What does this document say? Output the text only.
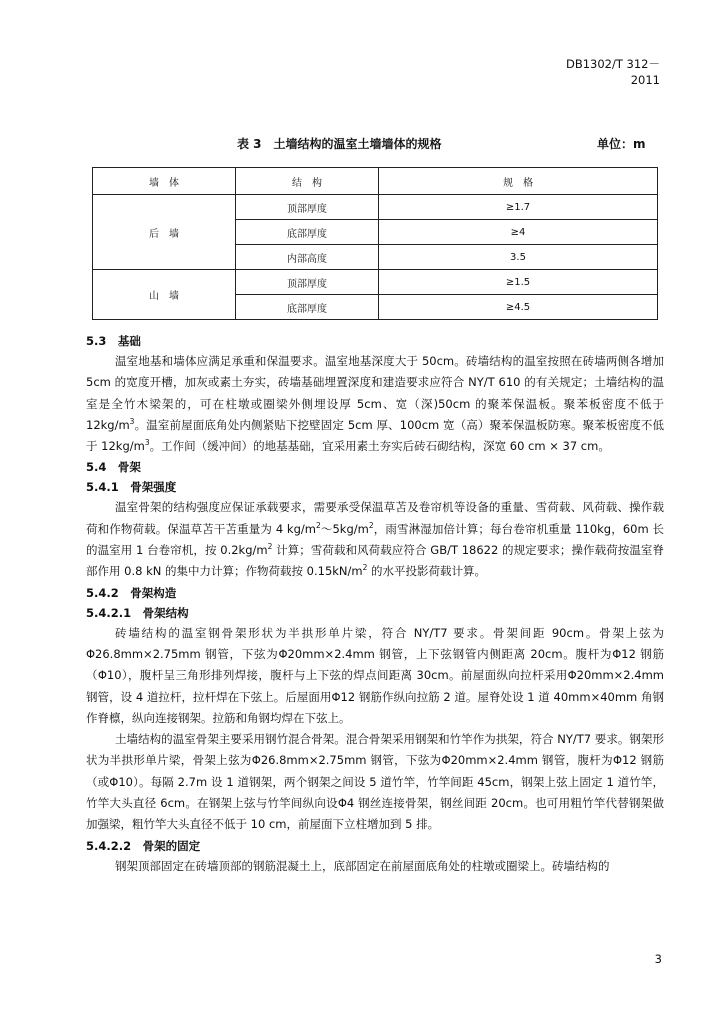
DB1302/T 312－
2011
表 3　土墙结构的温室土墙墙体的规格	单位：m
墙　体	结　构	规　格
后　墙	顶部厚度	≥1.7
	底部厚度	≥4
	内部高度	3.5
山　墙	顶部厚度	≥1.5
	底部厚度	≥4.5
5.3　基础

温室地基和墙体应满足承重和保温要求。温室地基深度大于 50cm。砖墙结构的温室按照在砖墙两侧各增加 5cm 的宽度开槽，加灰或素土夯实，砖墙基础埋置深度和建造要求应符合 NY/T 610 的有关规定；土墙结构的温室是全竹木梁架的，可在柱墩或圈梁外侧埋设厚 5cm、宽（深)50cm 的聚苯保温板。聚苯板密度不低于 $12kg/m^3$。温室前屋面底角处内侧紧贴下挖壁固定 5cm 厚、100cm 宽（高）聚苯保温板防寒。聚苯板密度不低于 $12kg/m^3$。工作间（缓冲间）的地基基础，宜采用素土夯实后砖石砌结构，深宽 60 cm × 37 cm。

5.4　骨架
5.4.1　骨架强度

温室骨架的结构强度应保证承载要求，需要承受保温草苫及卷帘机等设备的重量、雪荷载、风荷载、操作载荷和作物荷载。保温草苫干苫重量为 4 $kg/m^2\sim 5kg/m^2$，雨雪淋湿加倍计算；每台卷帘机重量 110kg，60m 长的温室用 1 台卷帘机，按 $0.2kg/m^2$ 计算；雪荷载和风荷载应符合 GB/T 18622 的规定要求；操作载荷按温室脊部作用 0.8 kN 的集中力计算；作物荷载按 $0.15kN/m^2$ 的水平投影荷载计算。

5.4.2　骨架构造
5.4.2.1　骨架结构

砖墙结构的温室钢骨架形状为半拱形单片梁，符合 NY/T7 要求。骨架间距 90cm。骨架上弦为Φ26.8mm×2.75mm 钢管，下弦为Φ20mm×2.4mm 钢管，上下弦钢管内侧距离 20cm。腹杆为Φ12 钢筋（Φ10），腹杆呈三角形排列焊接，腹杆与上下弦的焊点间距离 30cm。前屋面纵向拉杆采用Φ20mm×2.4mm 钢管，设 4 道拉杆，拉杆焊在下弦上。后屋面用Φ12 钢筋作纵向拉筋 2 道。屋脊处设 1 道 40mm×40mm 角钢作脊檩，纵向连接钢架。拉筋和角钢均焊在下弦上。

土墙结构的温室骨架主要采用钢竹混合骨架。混合骨架采用钢架和竹竿作为拱架，符合 NY/T7 要求。钢架形状为半拱形单片梁，骨架上弦为Φ26.8mm×2.75mm 钢管，下弦为Φ20mm×2.4mm 钢管，腹杆为Φ12 钢筋（或Φ10）。每隔 2.7m 设 1 道钢架，两个钢架之间设 5 道竹竿，竹竿间距 45cm，钢架上弦上固定 1 道竹竿，竹竿大头直径 6cm。在钢架上弦与竹竿间纵向设Φ4 钢丝连接骨架，钢丝间距 20cm。也可用粗竹竿代替钢架做加强梁，粗竹竿大头直径不低于 10 cm，前屋面下立柱增加到 5 排。

5.4.2.2　骨架的固定

钢架顶部固定在砖墙顶部的钢筋混凝土上，底部固定在前屋面底角处的柱墩或圈梁上。砖墙结构的

3
